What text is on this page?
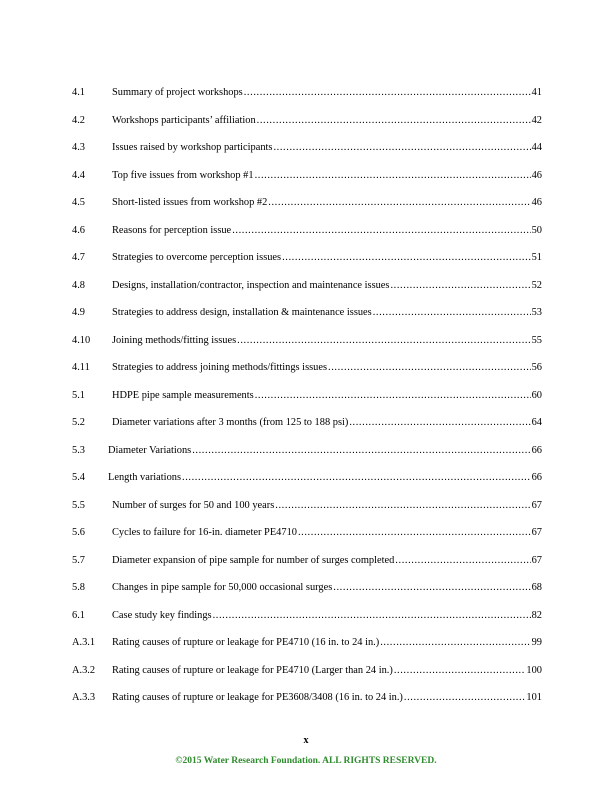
4.1	Summary of project workshops .....	41
4.2	Workshops participants’ affiliation .....	42
4.3	Issues raised by workshop participants .....	44
4.4	Top five issues from workshop #1 .....	46
4.5	Short-listed issues from workshop #2 .....	46
4.6	Reasons for perception issue .....	50
4.7	Strategies to overcome perception issues .....	51
4.8	Designs, installation/contractor, inspection and maintenance issues .....	52
4.9	Strategies to address design, installation & maintenance issues .....	53
4.10 Joining methods/fitting issues .....	55
4.11 Strategies to address joining methods/fittings issues .....	56
5.1	HDPE pipe sample measurements .....	60
5.2	Diameter variations after 3 months (from 125 to 188 psi) .....	64
5.3 Diameter Variations .....	66
5.4 Length variations .....	66
5.5	Number of surges for 50 and 100 years .....	67
5.6	Cycles to failure for 16-in. diameter PE4710 .....	67
5.7	Diameter expansion of pipe sample for number of surges completed .....	67
5.8	Changes in pipe sample for 50,000 occasional surges .....	68
6.1	Case study key findings .....	82
A.3.1 Rating causes of rupture or leakage for PE4710 (16 in. to 24 in.) .....	99
A.3.2 Rating causes of rupture or leakage for PE4710 (Larger than 24 in.) .....	100
A.3.3 Rating causes of rupture or leakage for PE3608/3408 (16 in. to 24 in.) .....	101
x
©2015 Water Research Foundation. ALL RIGHTS RESERVED.
